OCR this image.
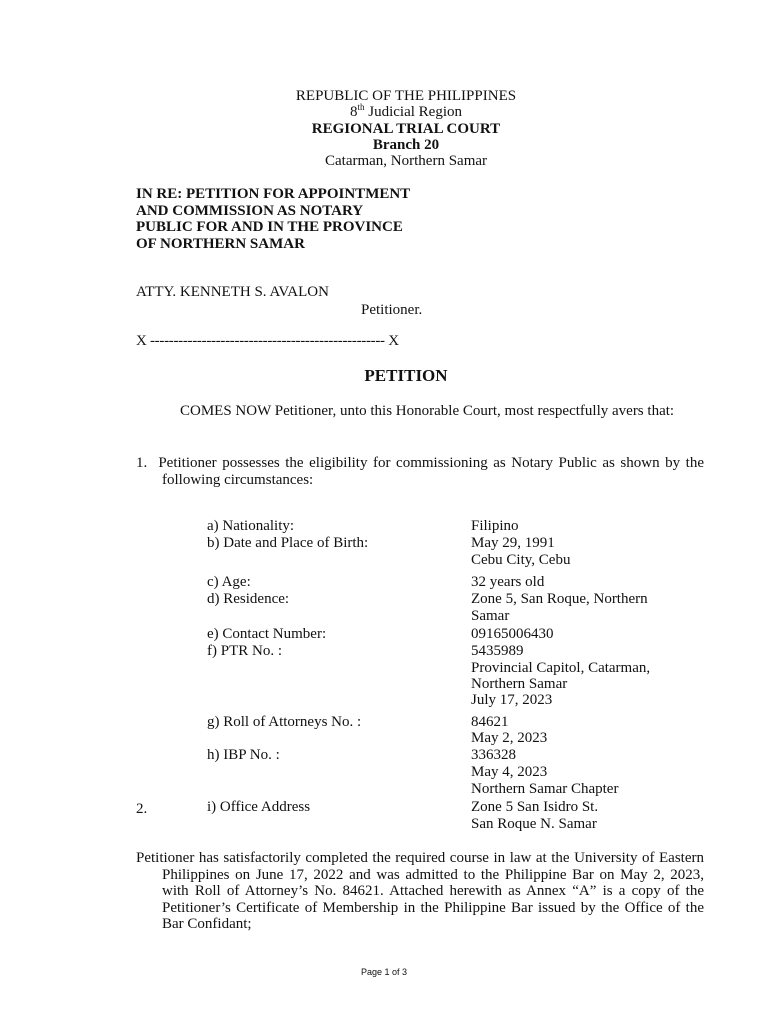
REPUBLIC OF THE PHILIPPINES
8th Judicial Region
REGIONAL TRIAL COURT
Branch 20
Catarman, Northern Samar
IN RE: PETITION FOR APPOINTMENT
AND COMMISSION AS NOTARY
PUBLIC FOR AND IN THE PROVINCE
OF NORTHERN SAMAR
ATTY. KENNETH S. AVALON
Petitioner.
X -------------------------------------------------- X
PETITION
COMES NOW Petitioner, unto this Honorable Court, most respectfully avers that:
1.  Petitioner possesses the eligibility for commissioning as Notary Public as shown by the following circumstances:
a) Nationality:	Filipino
b) Date and Place of Birth:	May 29, 1991
Cebu City, Cebu
c) Age:	32 years old
d) Residence:	Zone 5, San Roque, Northern
Samar
e) Contact Number:	09165006430
f) PTR No. :	5435989
Provincial Capitol, Catarman,
Northern Samar
July 17, 2023
g) Roll of Attorneys No. :	84621
May 2, 2023
h) IBP No. :	336328
May 4, 2023
Northern Samar Chapter
2.	i) Office Address	Zone 5 San Isidro St.
San Roque N. Samar
Petitioner has satisfactorily completed the required course in law at the University of Eastern Philippines on June 17, 2022 and was admitted to the Philippine Bar on May 2, 2023, with Roll of Attorney’s No. 84621. Attached herewith as Annex “A” is a copy of the Petitioner’s Certificate of Membership in the Philippine Bar issued by the Office of the Bar Confidant;
Page 1 of 3
